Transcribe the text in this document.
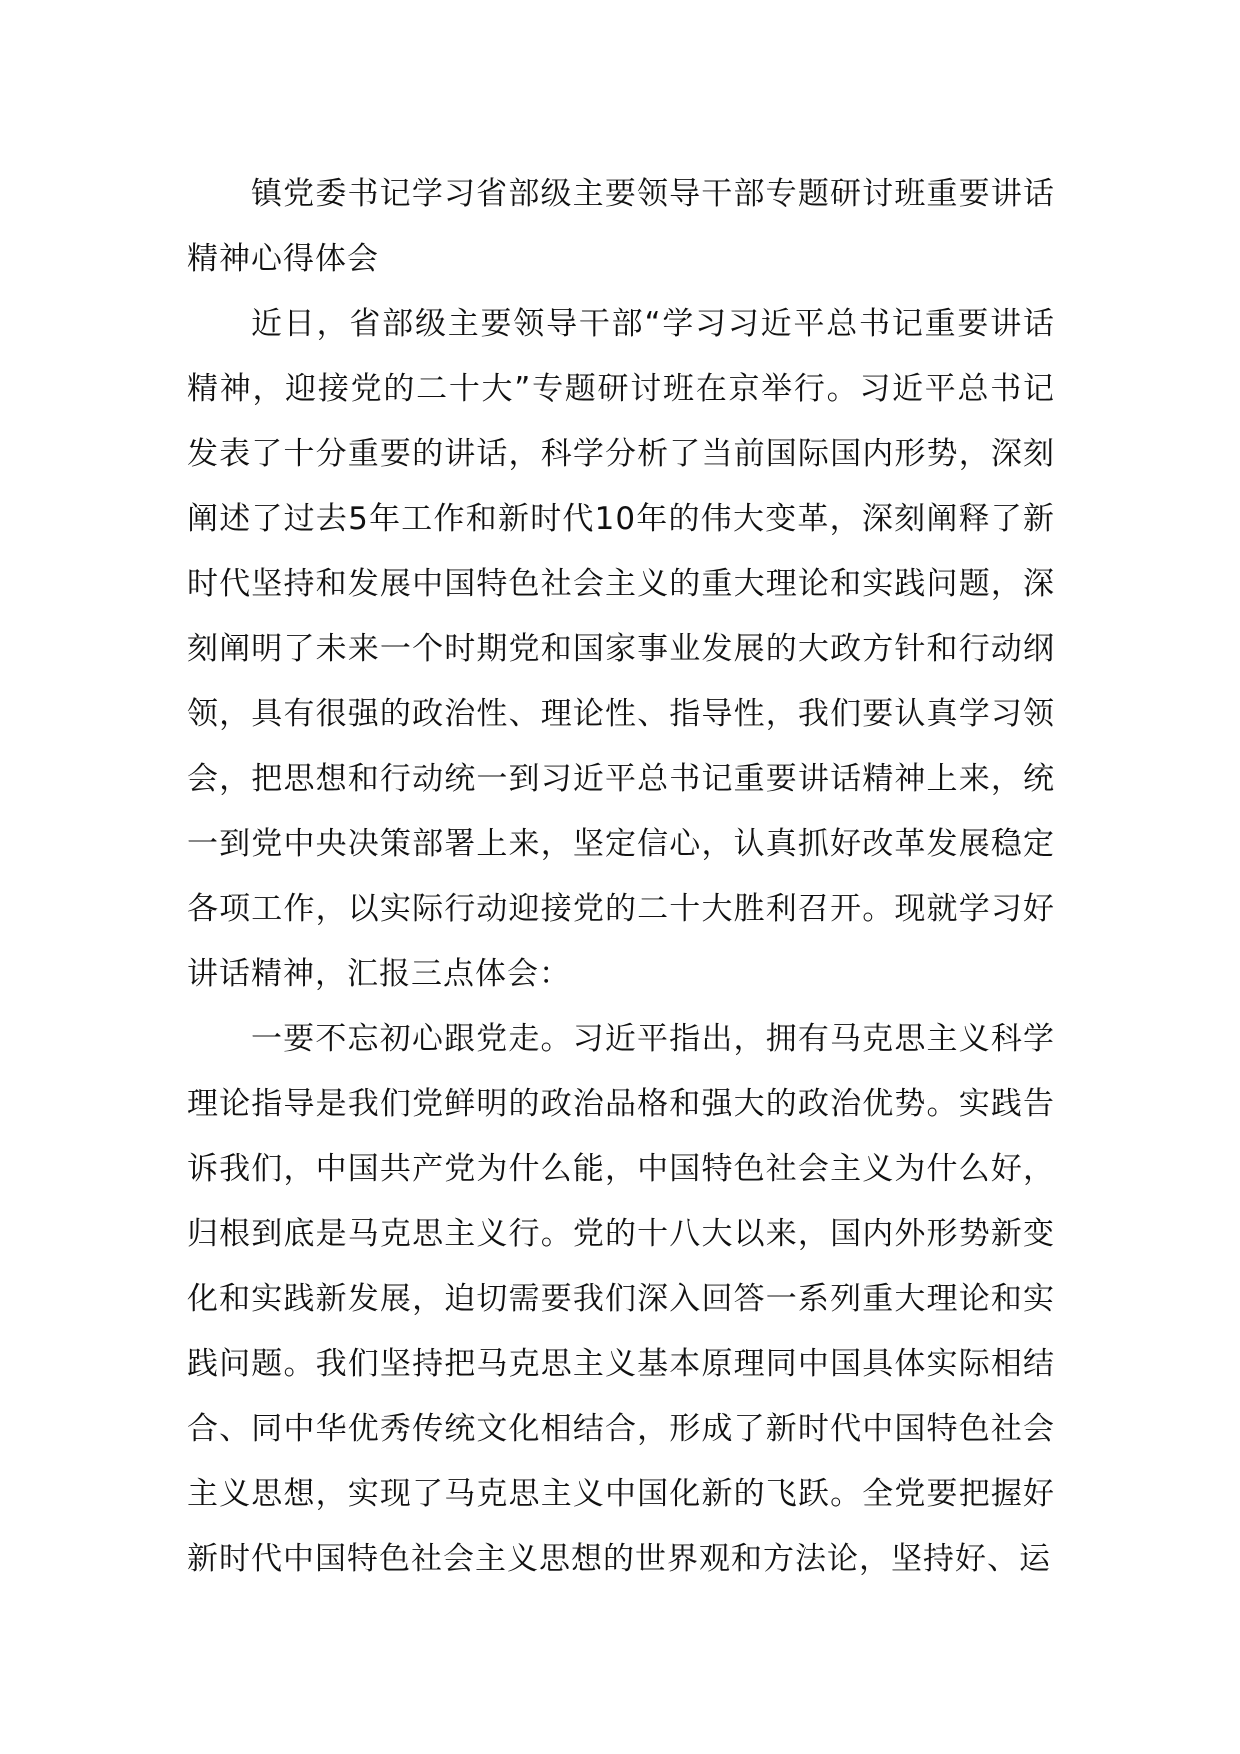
镇党委书记学习省部级主要领导干部专题研讨班重要讲话精神心得体会

近日，省部级主要领导干部“学习习近平总书记重要讲话精神，迎接党的二十大”专题研讨班在京举行。习近平总书记发表了十分重要的讲话，科学分析了当前国际国内形势，深刻阐述了过去5年工作和新时代10年的伟大变革，深刻阐释了新时代坚持和发展中国特色社会主义的重大理论和实践问题，深刻阐明了未来一个时期党和国家事业发展的大政方针和行动纲领，具有很强的政治性、理论性、指导性，我们要认真学习领会，把思想和行动统一到习近平总书记重要讲话精神上来，统一到党中央决策部署上来，坚定信心，认真抓好改革发展稳定各项工作，以实际行动迎接党的二十大胜利召开。现就学习好讲话精神，汇报三点体会：

一要不忘初心跟党走。习近平指出，拥有马克思主义科学理论指导是我们党鲜明的政治品格和强大的政治优势。实践告诉我们，中国共产党为什么能，中国特色社会主义为什么好，归根到底是马克思主义行。党的十八大以来，国内外形势新变化和实践新发展，迫切需要我们深入回答一系列重大理论和实践问题。我们坚持把马克思主义基本原理同中国具体实际相结合、同中华优秀传统文化相结合，形成了新时代中国特色社会主义思想，实现了马克思主义中国化新的飞跃。全党要把握好新时代中国特色社会主义思想的世界观和方法论，坚持好、运
